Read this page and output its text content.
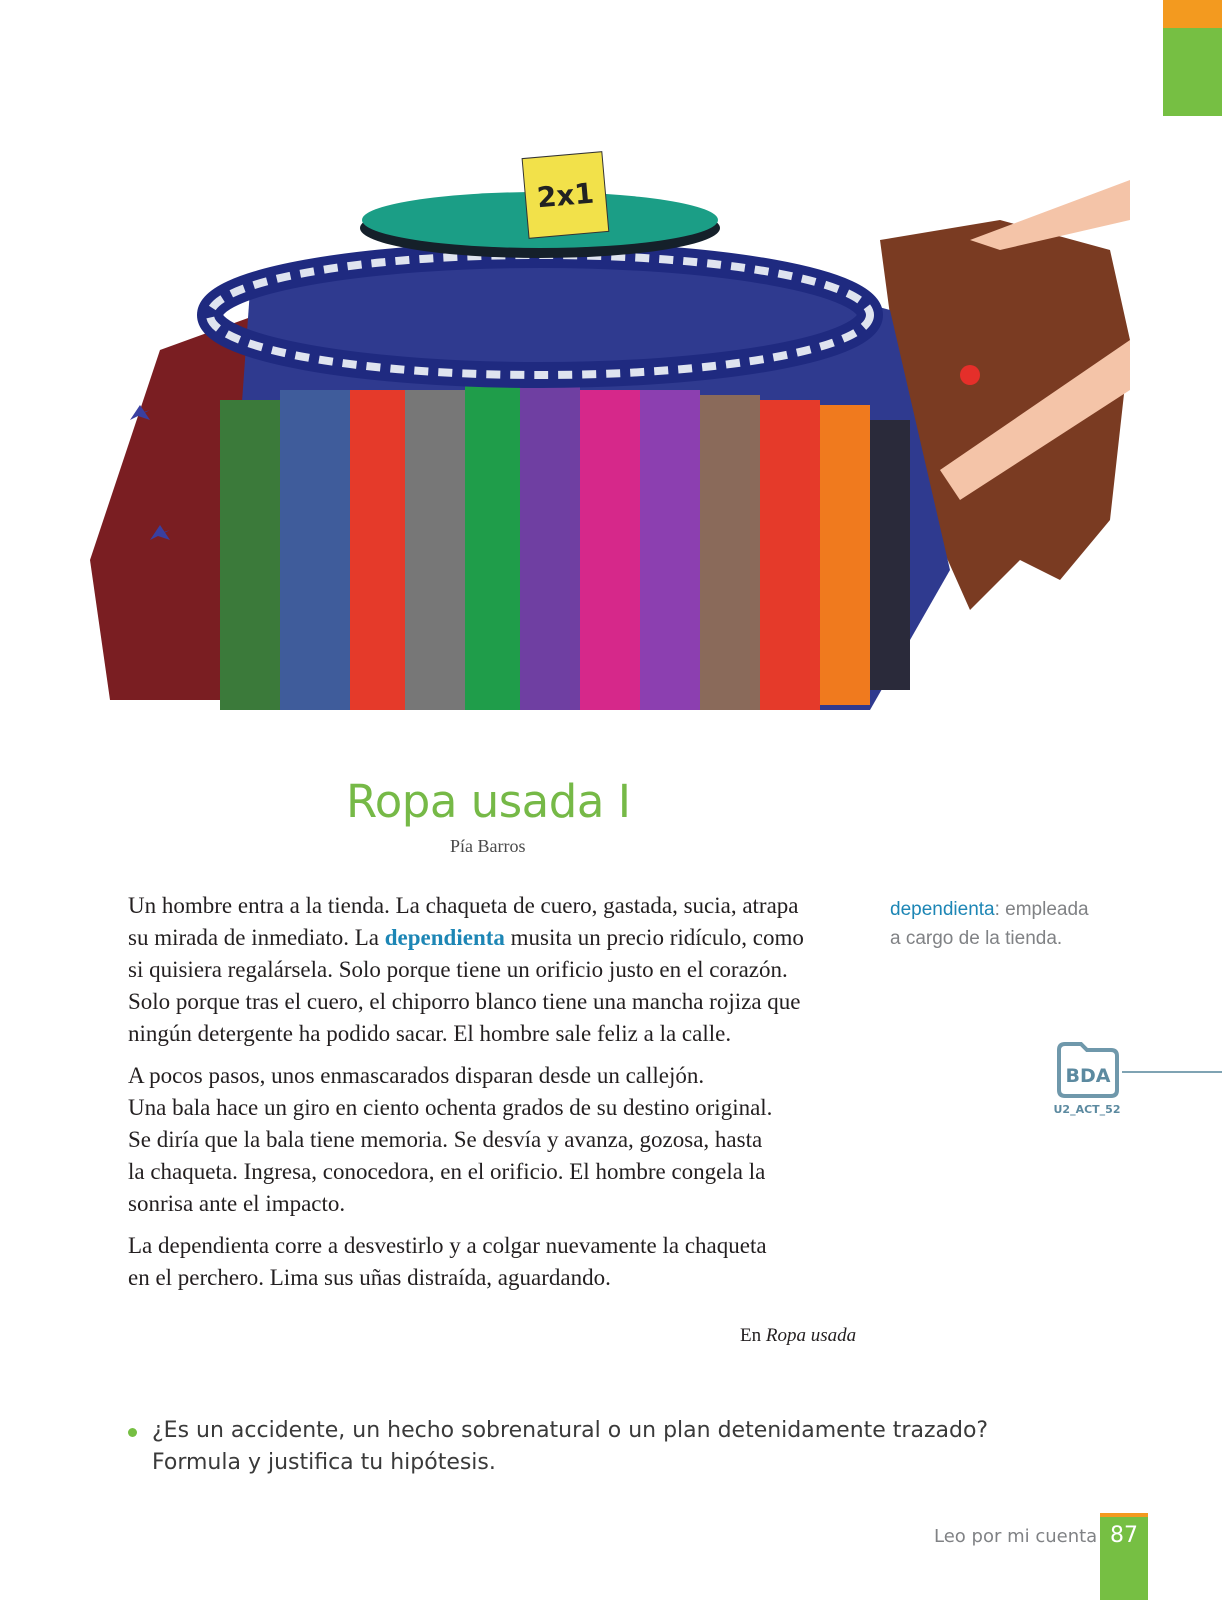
2x1
Ropa usada I
Pía Barros

Un hombre entra a la tienda. La chaqueta de cuero, gastada, sucia, atrapa
su mirada de inmediato. La dependienta musita un precio ridículo, como
si quisiera regalársela. Solo porque tiene un orificio justo en el corazón.
Solo porque tras el cuero, el chiporro blanco tiene una mancha rojiza que
ningún detergente ha podido sacar. El hombre sale feliz a la calle.

A pocos pasos, unos enmascarados disparan desde un callejón.
Una bala hace un giro en ciento ochenta grados de su destino original.
Se diría que la bala tiene memoria. Se desvía y avanza, gozosa, hasta
la chaqueta. Ingresa, conocedora, en el orificio. El hombre congela la
sonrisa ante el impacto.

La dependienta corre a desvestirlo y a colgar nuevamente la chaqueta
en el perchero. Lima sus uñas distraída, aguardando.

En Ropa usada
dependienta: empleada
a cargo de la tienda.
BDA
U2_ACT_52
¿Es un accidente, un hecho sobrenatural o un plan detenidamente trazado?
Formula y justifica tu hipótesis.
Leo por mi cuenta 87
